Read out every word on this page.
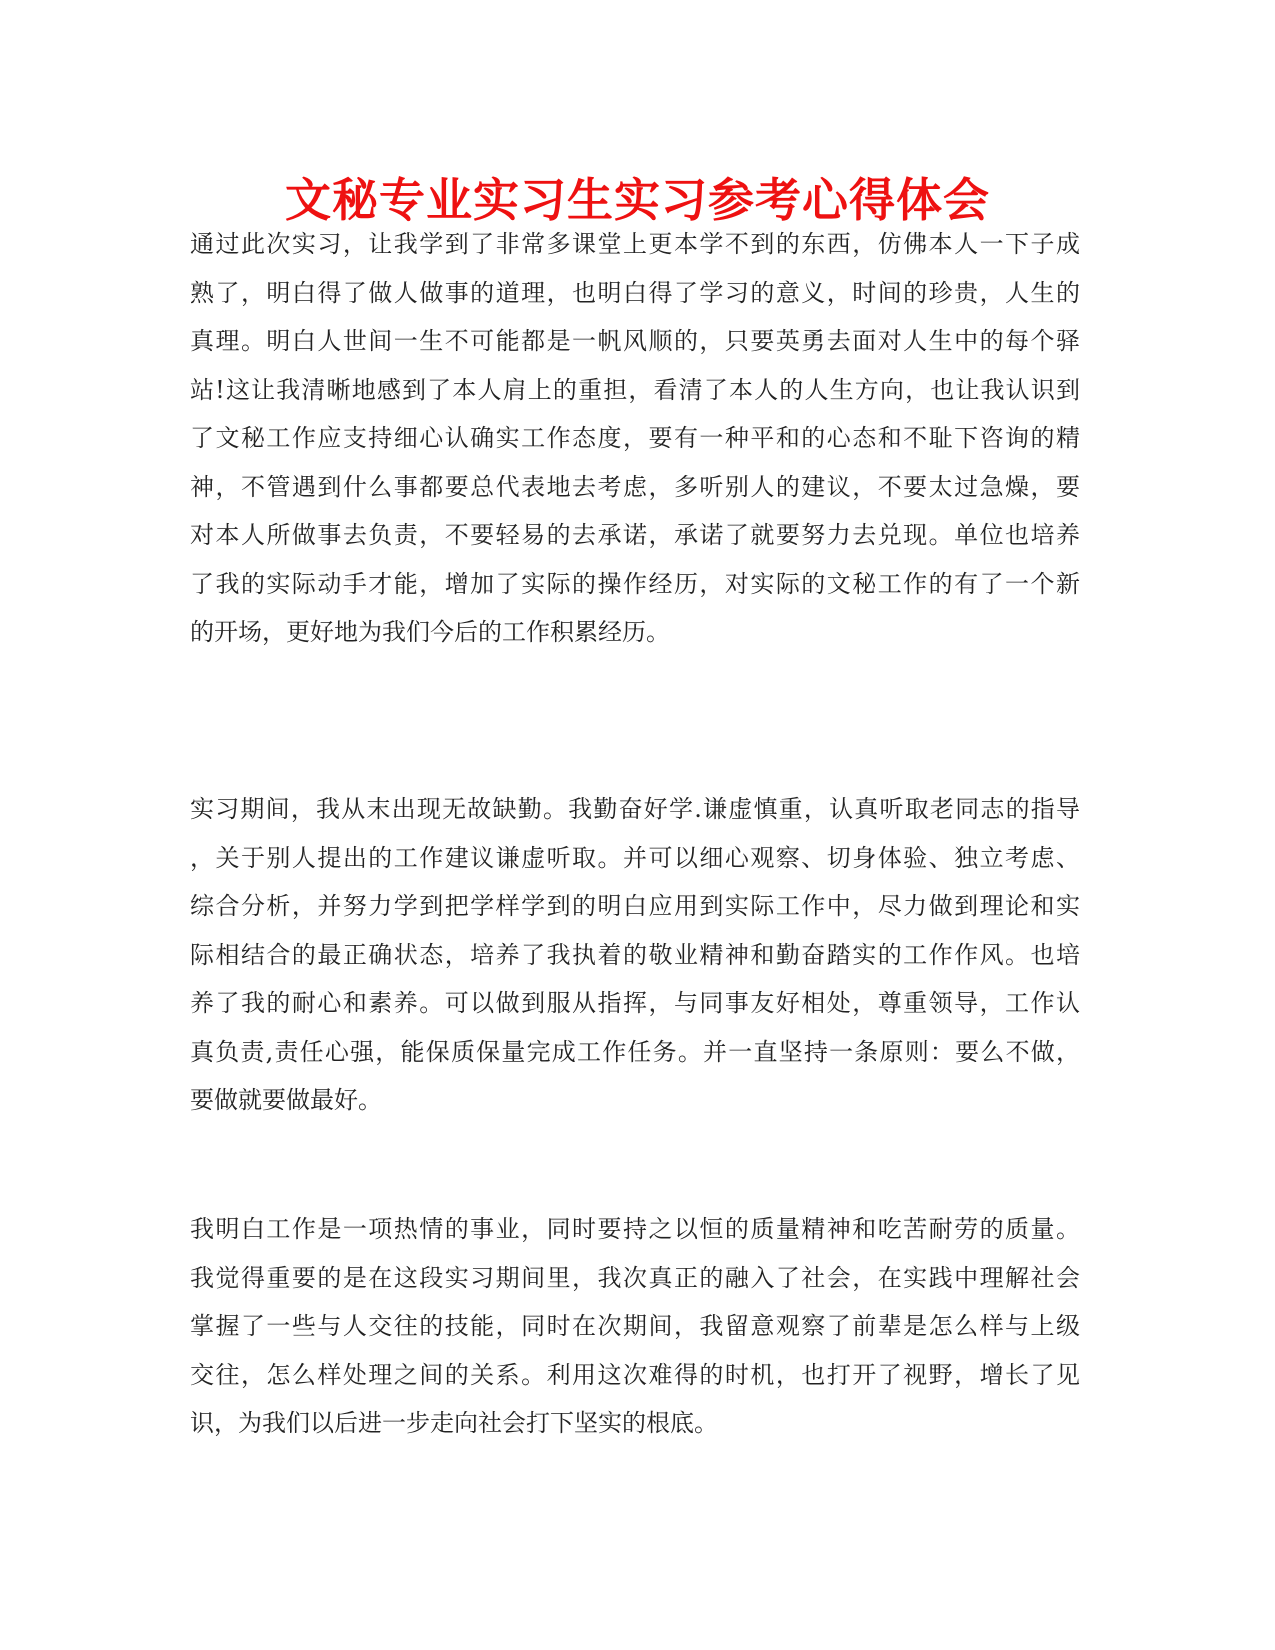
文秘专业实习生实习参考心得体会

通过此次实习，让我学到了非常多课堂上更本学不到的东西，仿佛本人一下子成
熟了，明白得了做人做事的道理，也明白得了学习的意义，时间的珍贵，人生的
真理。明白人世间一生不可能都是一帆风顺的，只要英勇去面对人生中的每个驿
站!这让我清晰地感到了本人肩上的重担，看清了本人的人生方向，也让我认识到
了文秘工作应支持细心认确实工作态度，要有一种平和的心态和不耻下咨询的精
神，不管遇到什么事都要总代表地去考虑，多听别人的建议，不要太过急燥，要
对本人所做事去负责，不要轻易的去承诺，承诺了就要努力去兑现。单位也培养
了我的实际动手才能，增加了实际的操作经历，对实际的文秘工作的有了一个新
的开场，更好地为我们今后的工作积累经历。

实习期间，我从末出现无故缺勤。我勤奋好学.谦虚慎重，认真听取老同志的指导
，关于别人提出的工作建议谦虚听取。并可以细心观察、切身体验、独立考虑、
综合分析，并努力学到把学样学到的明白应用到实际工作中，尽力做到理论和实
际相结合的最正确状态，培养了我执着的敬业精神和勤奋踏实的工作作风。也培
养了我的耐心和素养。可以做到服从指挥，与同事友好相处，尊重领导，工作认
真负责,责任心强，能保质保量完成工作任务。并一直坚持一条原则：要么不做，
要做就要做最好。

我明白工作是一项热情的事业，同时要持之以恒的质量精神和吃苦耐劳的质量。
我觉得重要的是在这段实习期间里，我次真正的融入了社会，在实践中理解社会
掌握了一些与人交往的技能，同时在次期间，我留意观察了前辈是怎么样与上级
交往，怎么样处理之间的关系。利用这次难得的时机，也打开了视野，增长了见
识，为我们以后进一步走向社会打下坚实的根底。
